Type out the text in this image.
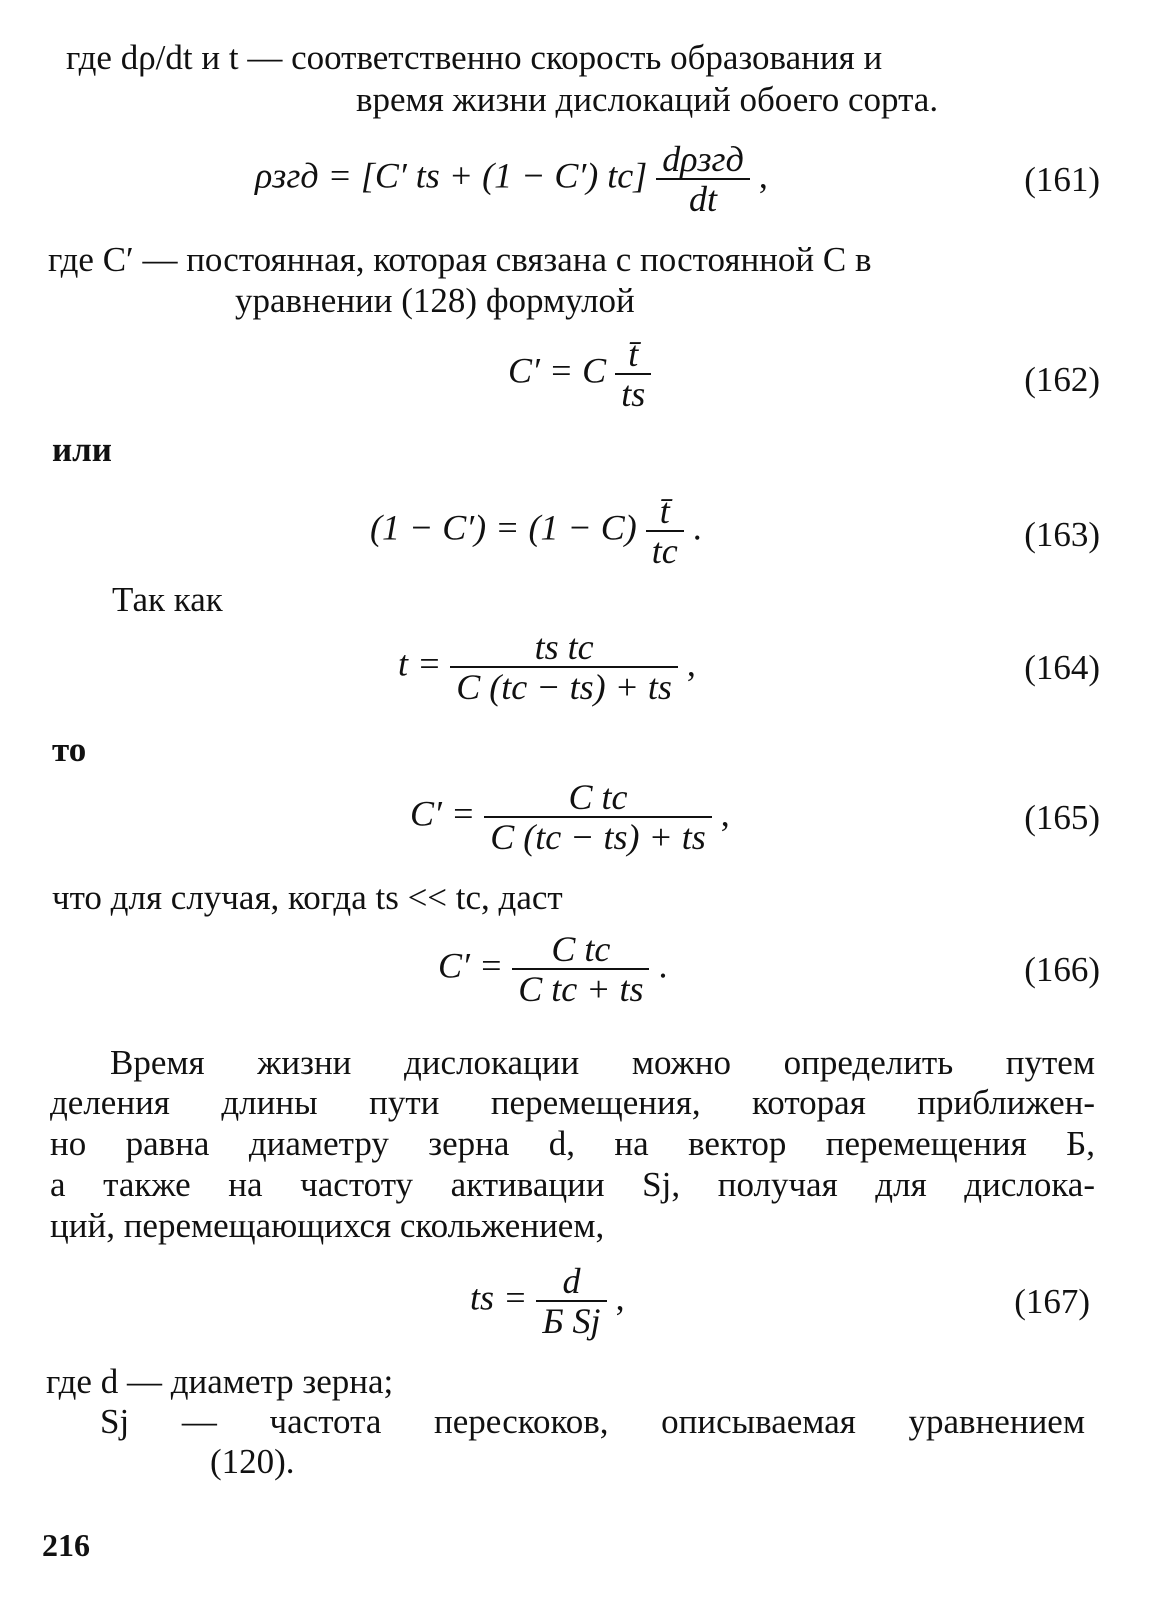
где dρ/dt и t — соответственно скорость образования и
время жизни дислокаций обоего сорта.
ρзгд = [C′ ts + (1 − C′) $tc] \frac{\text{dρзгд}}{dt}$ ,	(161)
где C′ — постоянная, которая связана с постоянной C в
уравнении (128) формулой
C′ = C $\frac{t̄}{ts}$	(162)
или
$(1 - C') = (1 - C) \frac{t̄}{tc}$ .	(163)
Так как
$t = \frac{\text{ts tc}}{C (tc - ts) + ts}$ ,	(164)
то
$C' = \frac{\text{C tc}}{C (tc - ts) + ts}$ ,	(165)
что для случая, когда ts << tc, даст
$C' = \frac{\text{C tc}}{\text{C tc + ts}}$ .	(166)
Время жизни дислокации можно определить путем
деления длины пути перемещения, которая приближен-
но равна диаметру зерна d, на вектор перемещения Б,
а также на частоту активации Sj, получая для дислока-
ций, перемещающихся скольжением,
ts = $\frac{d}{\text{Б Sj}}$ ,	(167)
где d — диаметр зерна;
Sj — частота перескоков, описываемая уравнением
(120).
216
